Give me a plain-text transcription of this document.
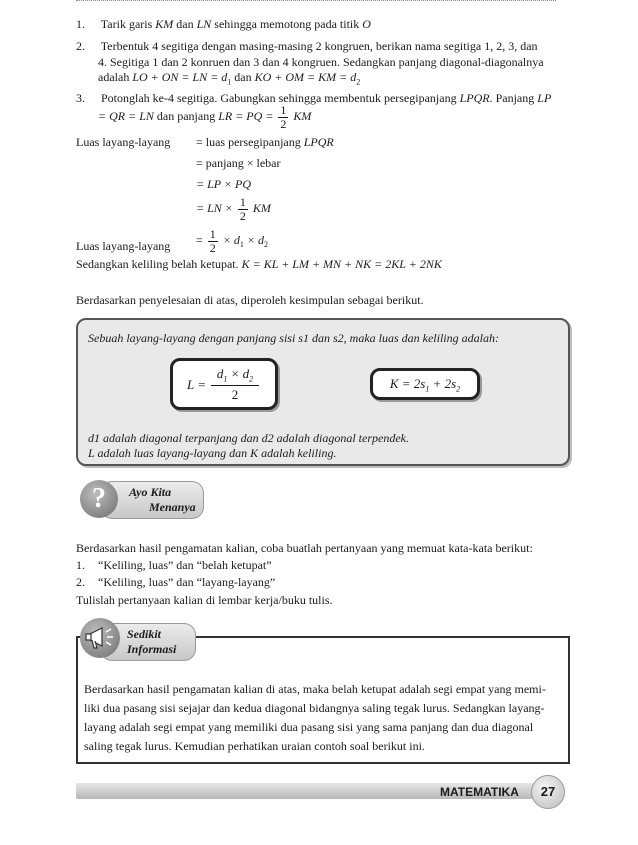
1. Tarik garis KM dan LN sehingga memotong pada titik O
2. Terbentuk 4 segitiga dengan masing-masing 2 kongruen, berikan nama segitiga 1, 2, 3, dan
4. Segitiga 1 dan 2 konruen dan 3 dan 4 kongruen. Sedangkan panjang diagonal-diagonalnya
adalah LO + ON = LN = $d_1$ dan KO + OM = KM = $d_2$
3. Potonglah ke-4 segitiga. Gabungkan sehingga membentuk persegipanjang LPQR. Panjang LP
= QR = LN dan panjang LR = PQ = $\frac{1}{2}$ KM
Luas layang-layang = luas persegipanjang LPQR
= panjang × lebar
= LP × PQ
= LN × $\frac{1}{2}$ KM
Luas layang-layang = $\frac{1}{2} \times d_1 \times d_2$
Sedangkan keliling belah ketupat. K = KL + LM + MN + NK = 2KL + 2NK
Berdasarkan penyelesaian di atas, diperoleh kesimpulan sebagai berikut.
Sebuah layang-layang dengan panjang sisi s1 dan s2, maka luas dan keliling adalah:
L =
$d_1 \times d_2$
2
$K = 2s_1 + 2s_2$
d1 adalah diagonal terpanjang dan d2 adalah diagonal terpendek.
L adalah luas layang-layang dan K adalah keliling.
Ayo Kita
Menanya
?
Berdasarkan hasil pengamatan kalian, coba buatlah pertanyaan yang memuat kata-kata berikut:
1. “Keliling, luas” dan “belah ketupat”
2. “Keliling, luas” dan “layang-layang”
Tulislah pertanyaan kalian di lembar kerja/buku tulis.
Sedikit
Informasi
Berdasarkan hasil pengamatan kalian di atas, maka belah ketupat adalah segi empat yang memi-
liki dua pasang sisi sejajar dan kedua diagonal bidangnya saling tegak lurus. Sedangkan layang-
layang adalah segi empat yang memiliki dua pasang sisi yang sama panjang dan dua diagonal
saling tegak lurus. Kemudian perhatikan uraian contoh soal berikut ini.
MATEMATIKA	27
